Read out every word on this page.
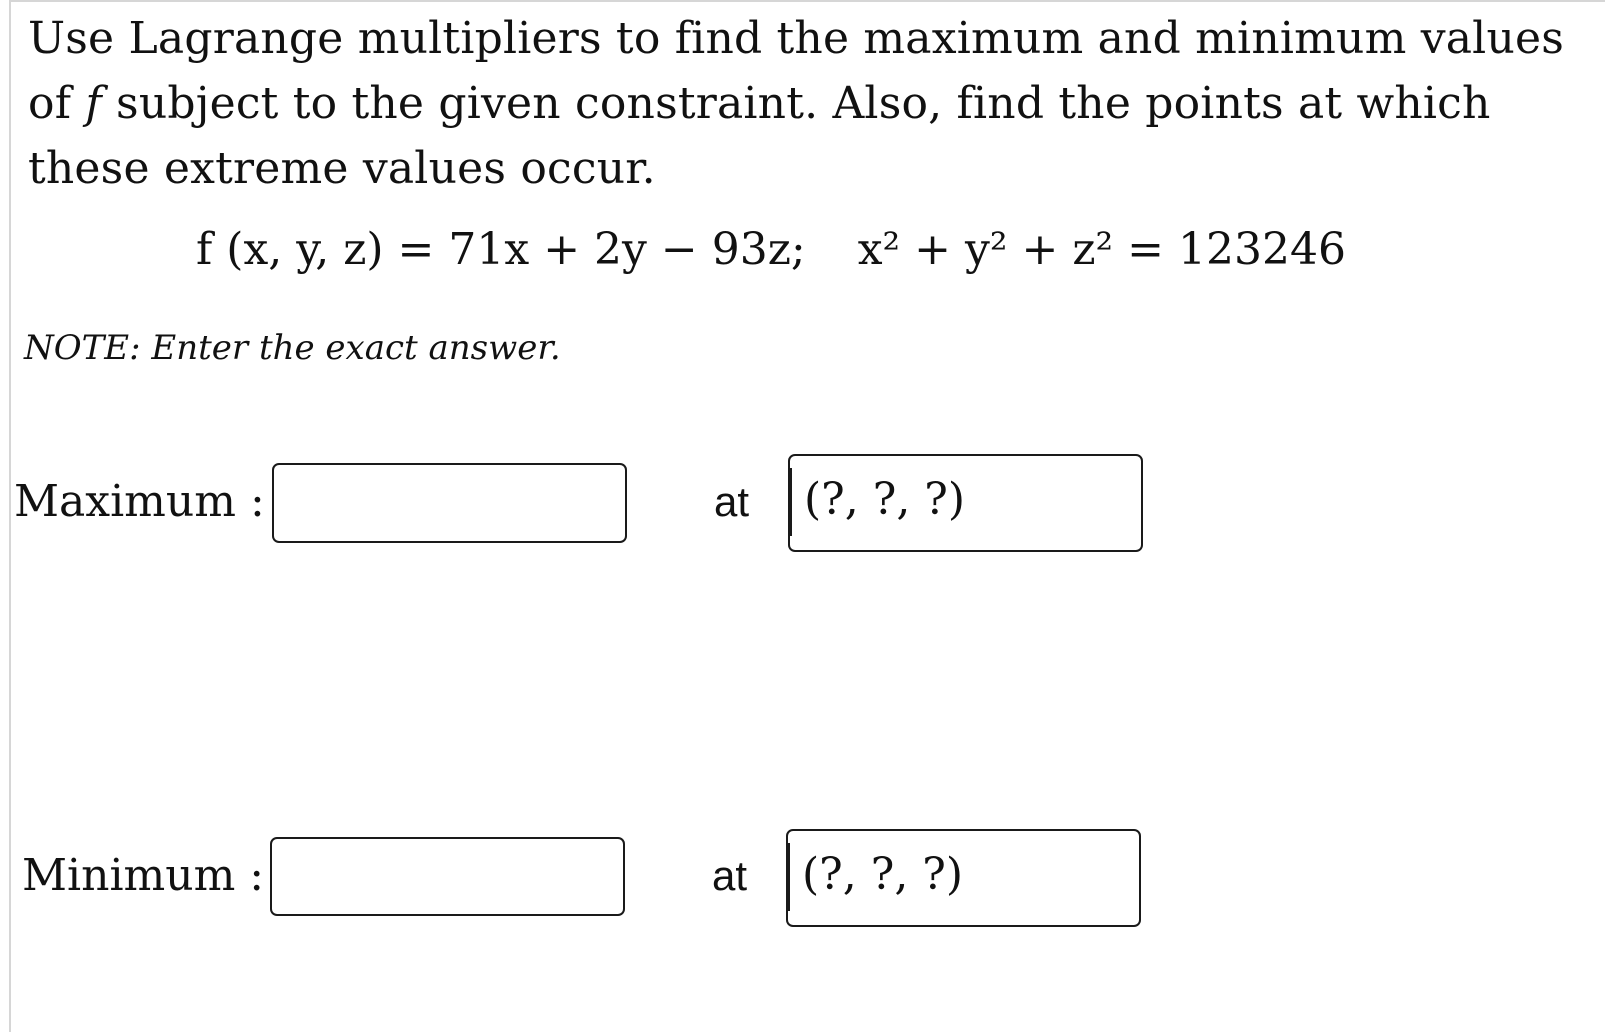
Use Lagrange multipliers to find the maximum and minimum values
of f subject to the given constraint. Also, find the points at which
these extreme values occur.
f (x, y, z) = 71x + 2y − 93z; x² + y² + z² = 123246
NOTE: Enter the exact answer.
Maximum :	at	(?, ?, ?)
Minimum :	at	(?, ?, ?)
